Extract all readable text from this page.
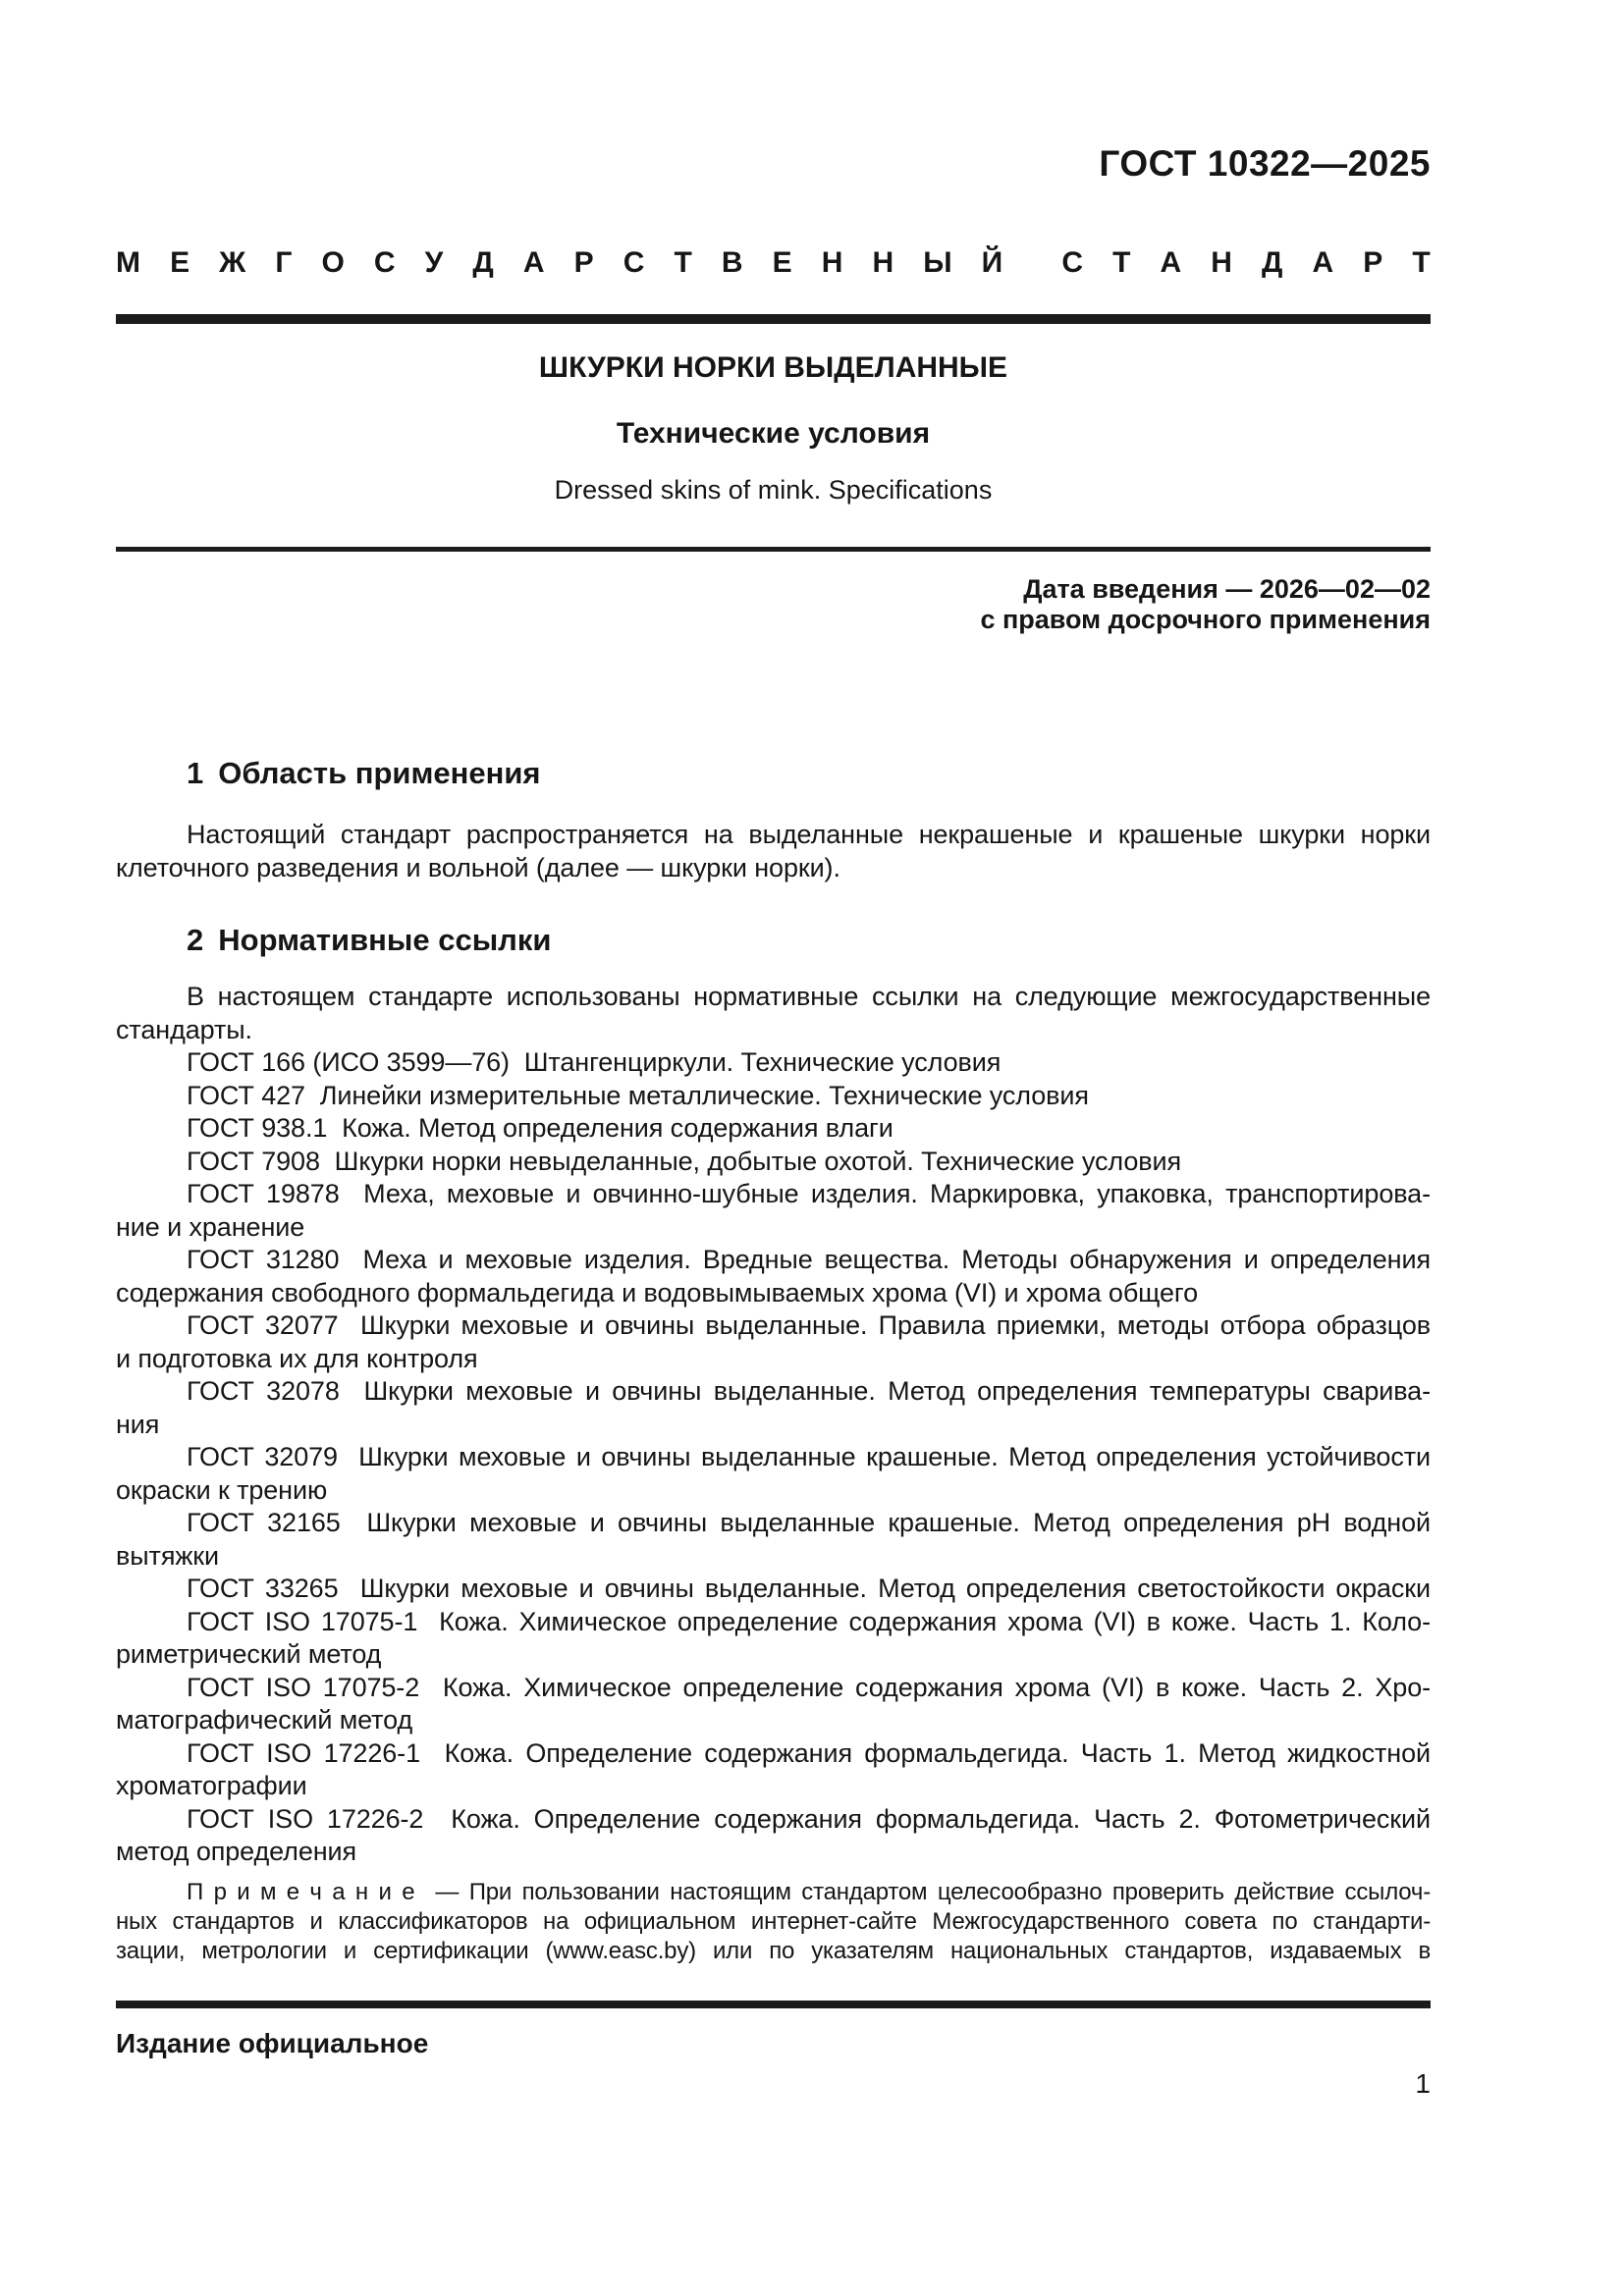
ГОСТ 10322—2025
М Е Ж Г О С У Д А Р С Т В Е Н Н Ы Й С Т А Н Д А Р Т
ШКУРКИ НОРКИ ВЫДЕЛАННЫЕ
Технические условия
Dressed skins of mink. Specifications
Дата введения — 2026—02—02
с правом досрочного применения
1 Область применения
Настоящий стандарт распространяется на выделанные некрашеные и крашеные шкурки норки
клеточного разведения и вольной (далее — шкурки норки).
2 Нормативные ссылки
В настоящем стандарте использованы нормативные ссылки на следующие межгосударственные
стандарты.
ГОСТ 166 (ИСО 3599—76)  Штангенциркули. Технические условия
ГОСТ 427  Линейки измерительные металлические. Технические условия
ГОСТ 938.1  Кожа. Метод определения содержания влаги
ГОСТ 7908  Шкурки норки невыделанные, добытые охотой. Технические условия
ГОСТ 19878  Меха, меховые и овчинно-шубные изделия. Маркировка, упаковка, транспортирова-
ние и хранение
ГОСТ 31280  Меха и меховые изделия. Вредные вещества. Методы обнаружения и определения
содержания свободного формальдегида и водовымываемых хрома (VI) и хрома общего
ГОСТ 32077  Шкурки меховые и овчины выделанные. Правила приемки, методы отбора образцов
и подготовка их для контроля
ГОСТ 32078  Шкурки меховые и овчины выделанные. Метод определения температуры сварива-
ния
ГОСТ 32079  Шкурки меховые и овчины выделанные крашеные. Метод определения устойчивости
окраски к трению
ГОСТ 32165  Шкурки меховые и овчины выделанные крашеные. Метод определения pH водной
вытяжки
ГОСТ 33265  Шкурки меховые и овчины выделанные. Метод определения светостойкости окраски
ГОСТ ISO 17075-1  Кожа. Химическое определение содержания хрома (VI) в коже. Часть 1. Коло-
риметрический метод
ГОСТ ISO 17075-2  Кожа. Химическое определение содержания хрома (VI) в коже. Часть 2. Хро-
матографический метод
ГОСТ ISO 17226-1  Кожа. Определение содержания формальдегида. Часть 1. Метод жидкостной
хроматографии
ГОСТ ISO 17226-2  Кожа. Определение содержания формальдегида. Часть 2. Фотометрический
метод определения
П р и м е ч а н и е  — При пользовании настоящим стандартом целесообразно проверить действие ссылоч-
ных стандартов и классификаторов на официальном интернет-сайте Межгосударственного совета по стандарти-
зации, метрологии и сертификации (www.easc.by) или по указателям национальных стандартов, издаваемых в
Издание официальное
1
